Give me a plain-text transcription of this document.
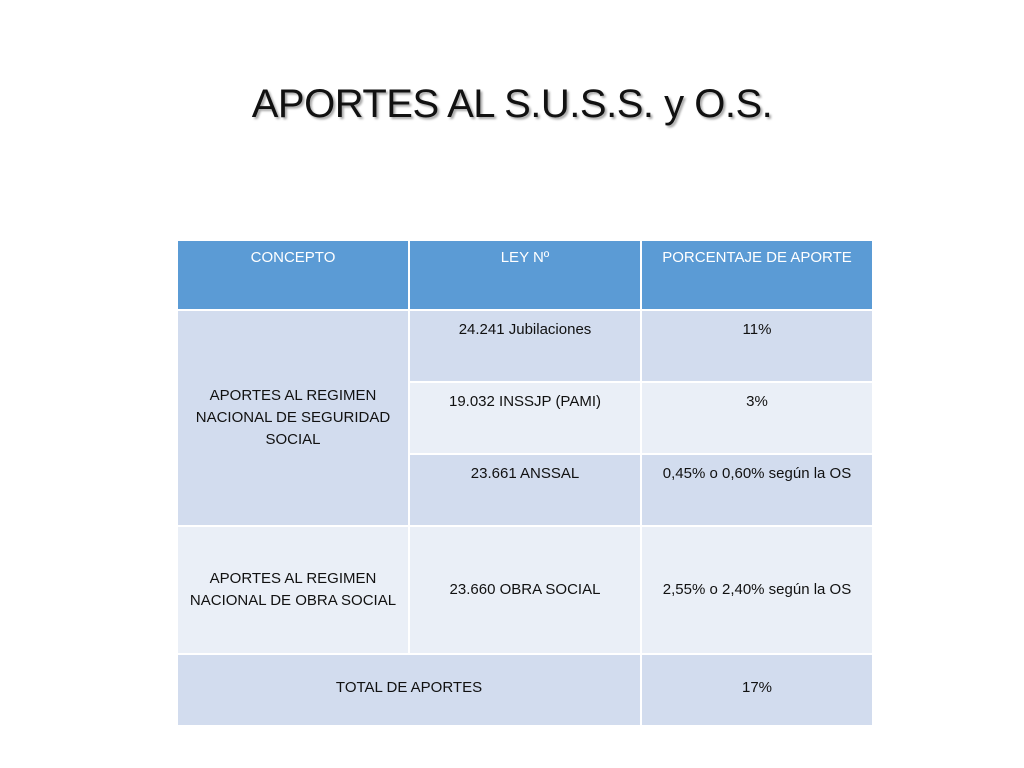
APORTES AL S.U.S.S. y O.S.
CONCEPTO	LEY Nº	PORCENTAJE DE APORTE
APORTES AL REGIMEN NACIONAL DE SEGURIDAD SOCIAL	24.241 Jubilaciones	11%
	19.032 INSSJP (PAMI)	3%
	23.661 ANSSAL	0,45% o 0,60% según la OS
APORTES AL REGIMEN NACIONAL DE OBRA SOCIAL	23.660 OBRA SOCIAL	2,55% o 2,40% según la OS
TOTAL DE APORTES		17%
